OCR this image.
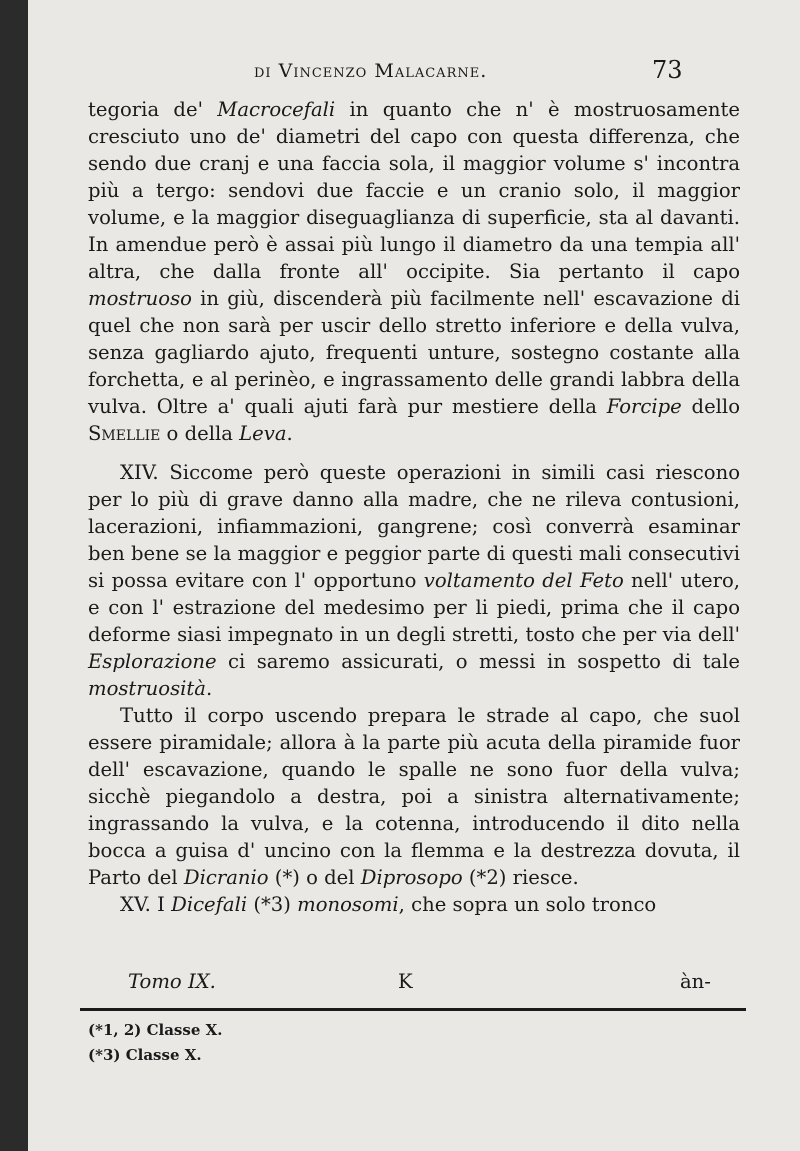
di Vincenzo Malacarne.	73

tegoria de' Macrocefali in quanto che n' è mostruosamente cresciuto uno de' diametri del capo con questa differenza, che sendo due cranj e una faccia sola, il maggior volume s' incontra più a tergo: sendovi due faccie e un cranio solo, il maggior volume, e la maggior diseguaglianza di superficie, sta al davanti. In amendue però è assai più lungo il diametro da una tempia all' altra, che dalla fronte all' occipite. Sia pertanto il capo mostruoso in giù, discenderà più facilmente nell' escavazione di quel che non sarà per uscir dello stretto inferiore e della vulva, senza gagliardo ajuto, frequenti unture, sostegno costante alla forchetta, e al perinèo, e ingrassamento delle grandi labbra della vulva. Oltre a' quali ajuti farà pur mestiere della Forcipe dello Smellie o della Leva.

XIV. Siccome però queste operazioni in simili casi riescono per lo più di grave danno alla madre, che ne rileva contusioni, lacerazioni, infiammazioni, gangrene; così converrà esaminar ben bene se la maggior e peggior parte di questi mali consecutivi si possa evitare con l' opportuno voltamento del Feto nell' utero, e con l' estrazione del medesimo per li piedi, prima che il capo deforme siasi impegnato in un degli stretti, tosto che per via dell' Esplorazione ci saremo assicurati, o messi in sospetto di tale mostruosità.

Tutto il corpo uscendo prepara le strade al capo, che suol essere piramidale; allora à la parte più acuta della piramide fuor dell' escavazione, quando le spalle ne sono fuor della vulva; sicchè piegandolo a destra, poi a sinistra alternativamente; ingrassando la vulva, e la cotenna, introducendo il dito nella bocca a guisa d' uncino con la flemma e la destrezza dovuta, il Parto del Dicranio (*) o del Diprosopo (*2) riesce.

XV. I Dicefali (*3) monosomi, che sopra un solo tronco

Tomo IX.	K	àn-
(*1, 2) Classe X.
(*3) Classe X.
